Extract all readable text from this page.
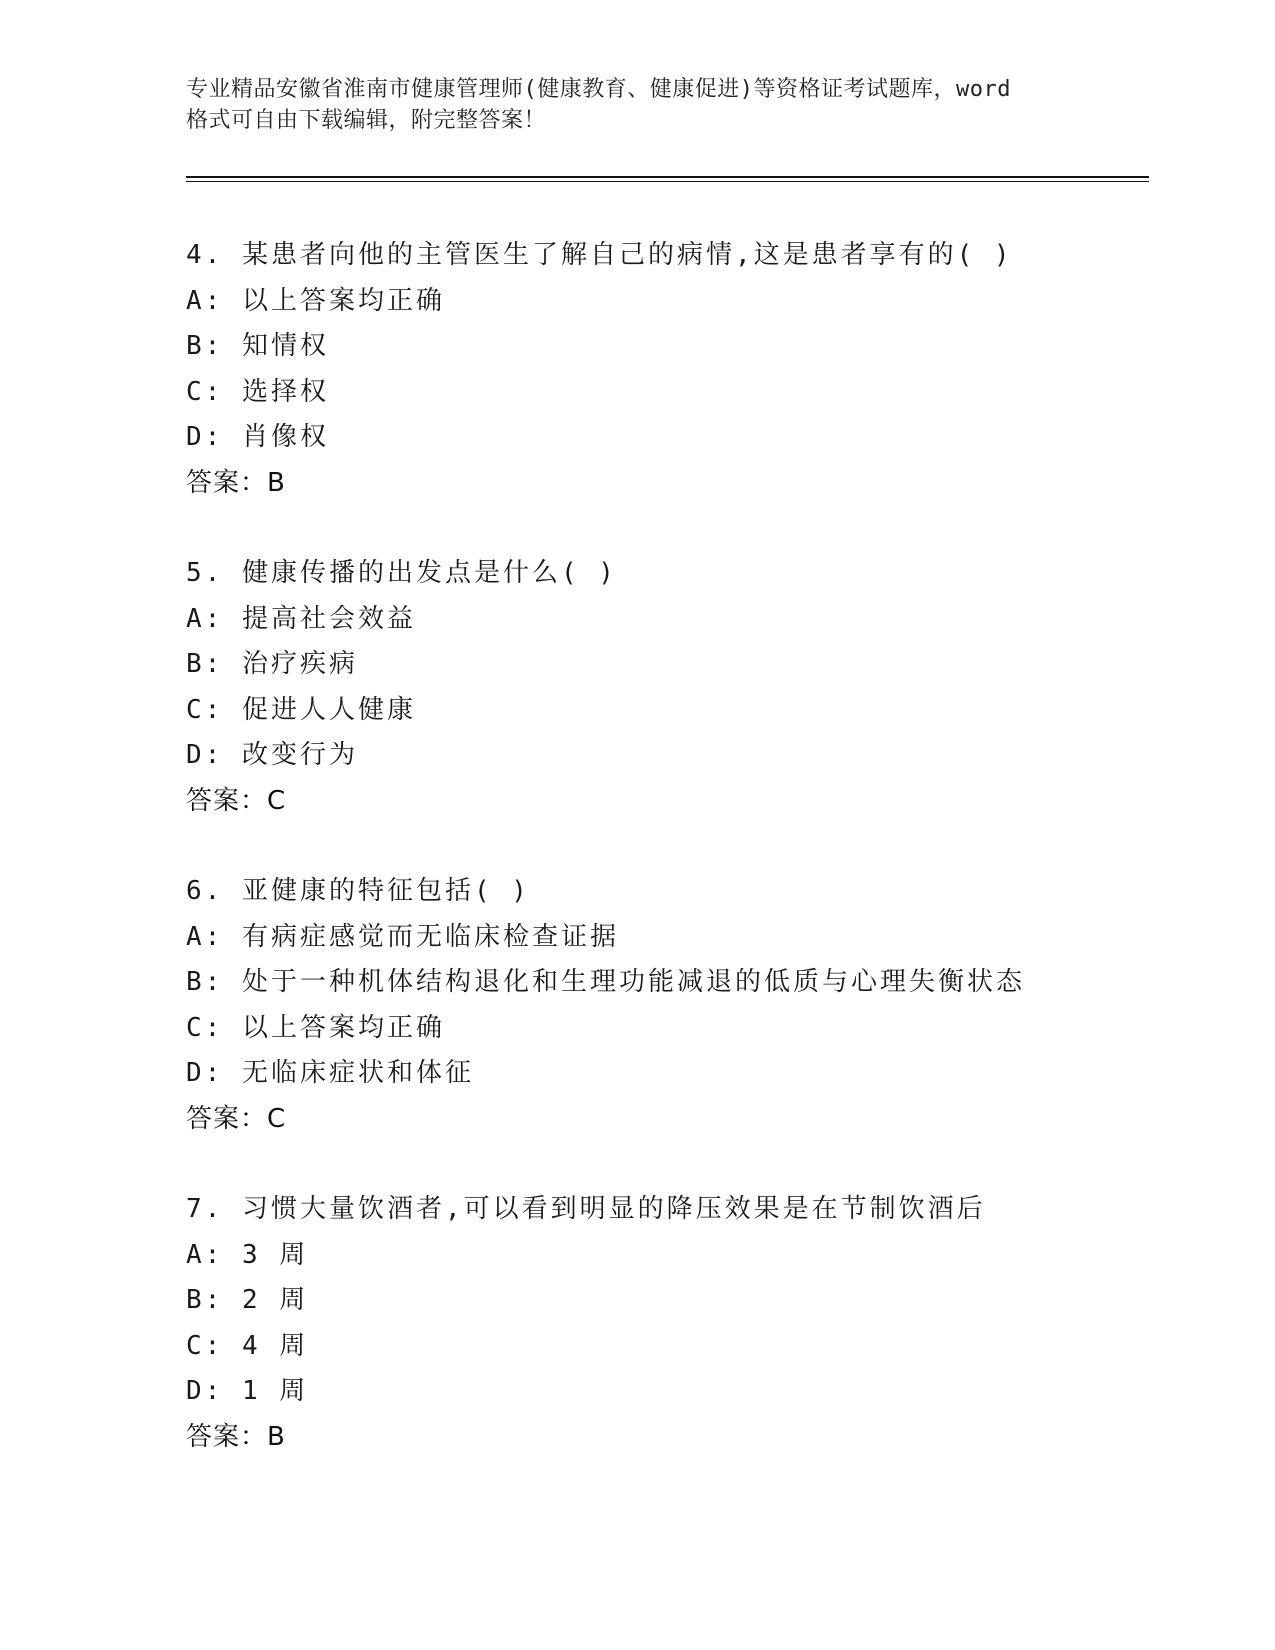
专业精品安徽省淮南市健康管理师(健康教育、健康促进)等资格证考试题库，word
格式可自由下载编辑，附完整答案！
4. 某患者向他的主管医生了解自己的病情,这是患者享有的( )
A: 以上答案均正确
B: 知情权
C: 选择权
D: 肖像权
答案：B
5. 健康传播的出发点是什么( )
A: 提高社会效益
B: 治疗疾病
C: 促进人人健康
D: 改变行为
答案：C
6. 亚健康的特征包括( )
A: 有病症感觉而无临床检查证据
B: 处于一种机体结构退化和生理功能减退的低质与心理失衡状态
C: 以上答案均正确
D: 无临床症状和体征
答案：C
7. 习惯大量饮酒者,可以看到明显的降压效果是在节制饮酒后
A: 3 周
B: 2 周
C: 4 周
D: 1 周
答案：B
